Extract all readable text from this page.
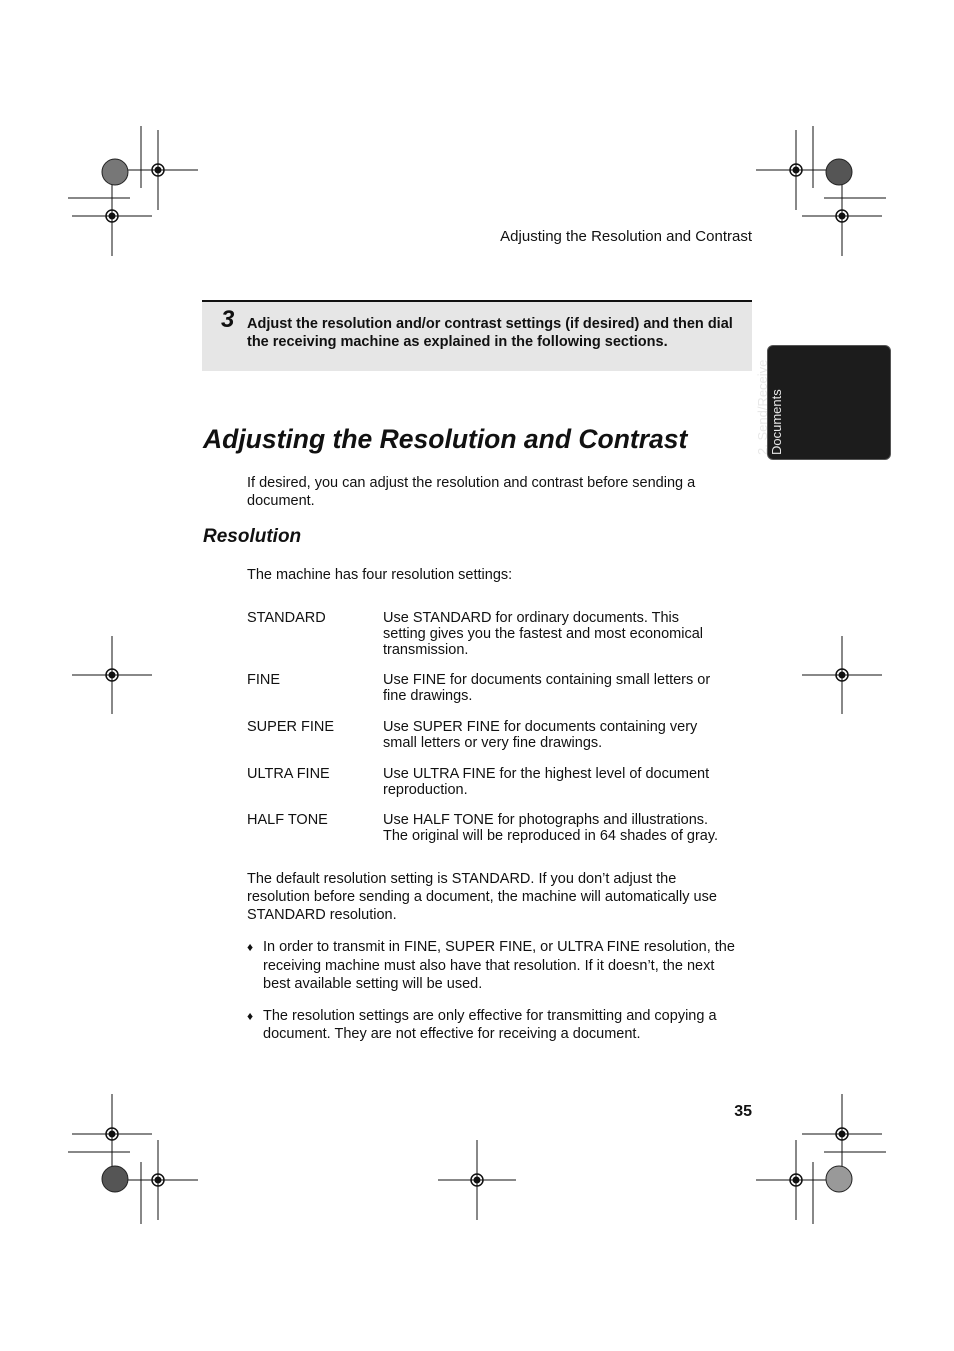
Adjusting the Resolution and Contrast
3 Adjust the resolution and/or contrast settings (if desired) and then dial the receiving machine as explained in the following sections.
2. Send/Receive Documents
Adjusting the Resolution and Contrast

If desired, you can adjust the resolution and contrast before sending a document.

Resolution

The machine has four resolution settings:

STANDARD	Use STANDARD for ordinary documents. This setting gives you the fastest and most economical transmission.
FINE	Use FINE for documents containing small letters or fine drawings.
SUPER FINE	Use SUPER FINE for documents containing very small letters or very fine drawings.
ULTRA FINE	Use ULTRA FINE for the highest level of document reproduction.
HALF TONE	Use HALF TONE for photographs and illustrations. The original will be reproduced in 64 shades of gray.

The default resolution setting is STANDARD. If you don’t adjust the resolution before sending a document, the machine will automatically use STANDARD resolution.

♦ In order to transmit in FINE, SUPER FINE, or ULTRA FINE resolution, the receiving machine must also have that resolution. If it doesn’t, the next best available setting will be used.
♦ The resolution settings are only effective for transmitting and copying a document. They are not effective for receiving a document.
35
